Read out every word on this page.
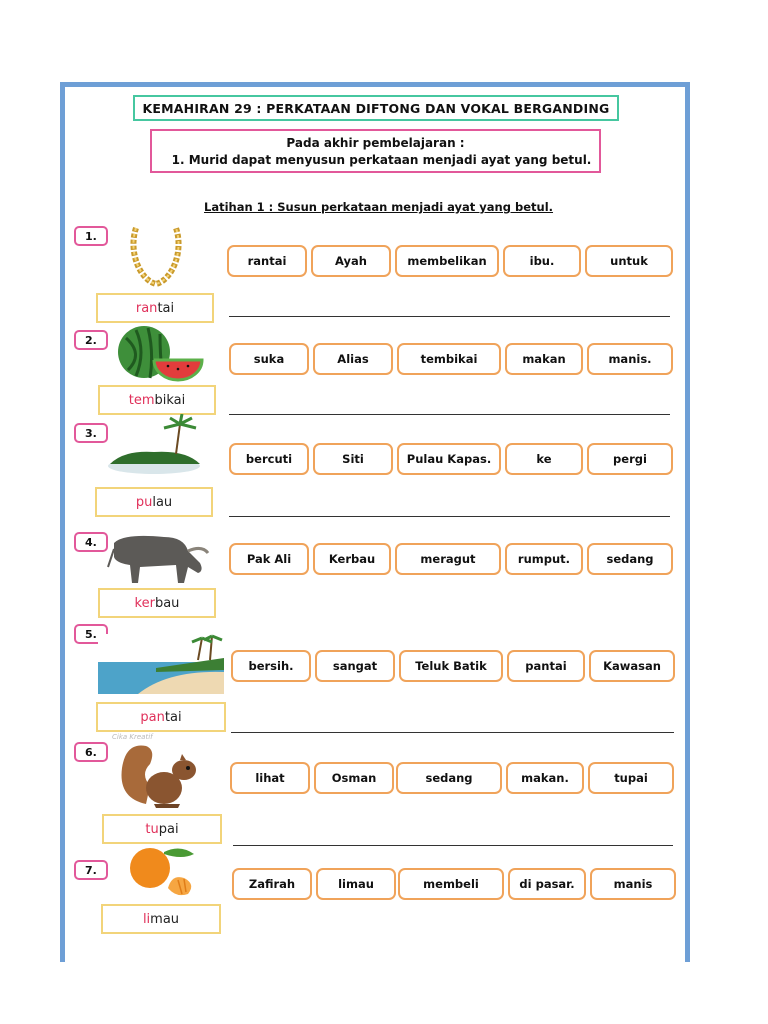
KEMAHIRAN 29 : PERKATAAN DIFTONG DAN VOKAL BERGANDING
Pada akhir pembelajaran :
1. Murid dapat menyusun perkataan menjadi ayat yang betul.
Latihan 1 : Susun perkataan menjadi ayat yang betul.
1.
ran tai
rantai	Ayah	membelikan	ibu.	untuk
2.
tem bikai
suka	Alias	tembikai	makan	manis.
3.
pu lau
bercuti	Siti	Pulau Kapas.	ke	pergi
4.
ker bau
Pak Ali	Kerbau	meragut	rumput.	sedang
5.
pan tai
Cika Kreatif
bersih.	sangat	Teluk Batik	pantai	Kawasan
6.
tu pai
lihat	Osman	sedang	makan.	tupai
7.
li mau
Zafirah	limau	membeli	di pasar.	manis
